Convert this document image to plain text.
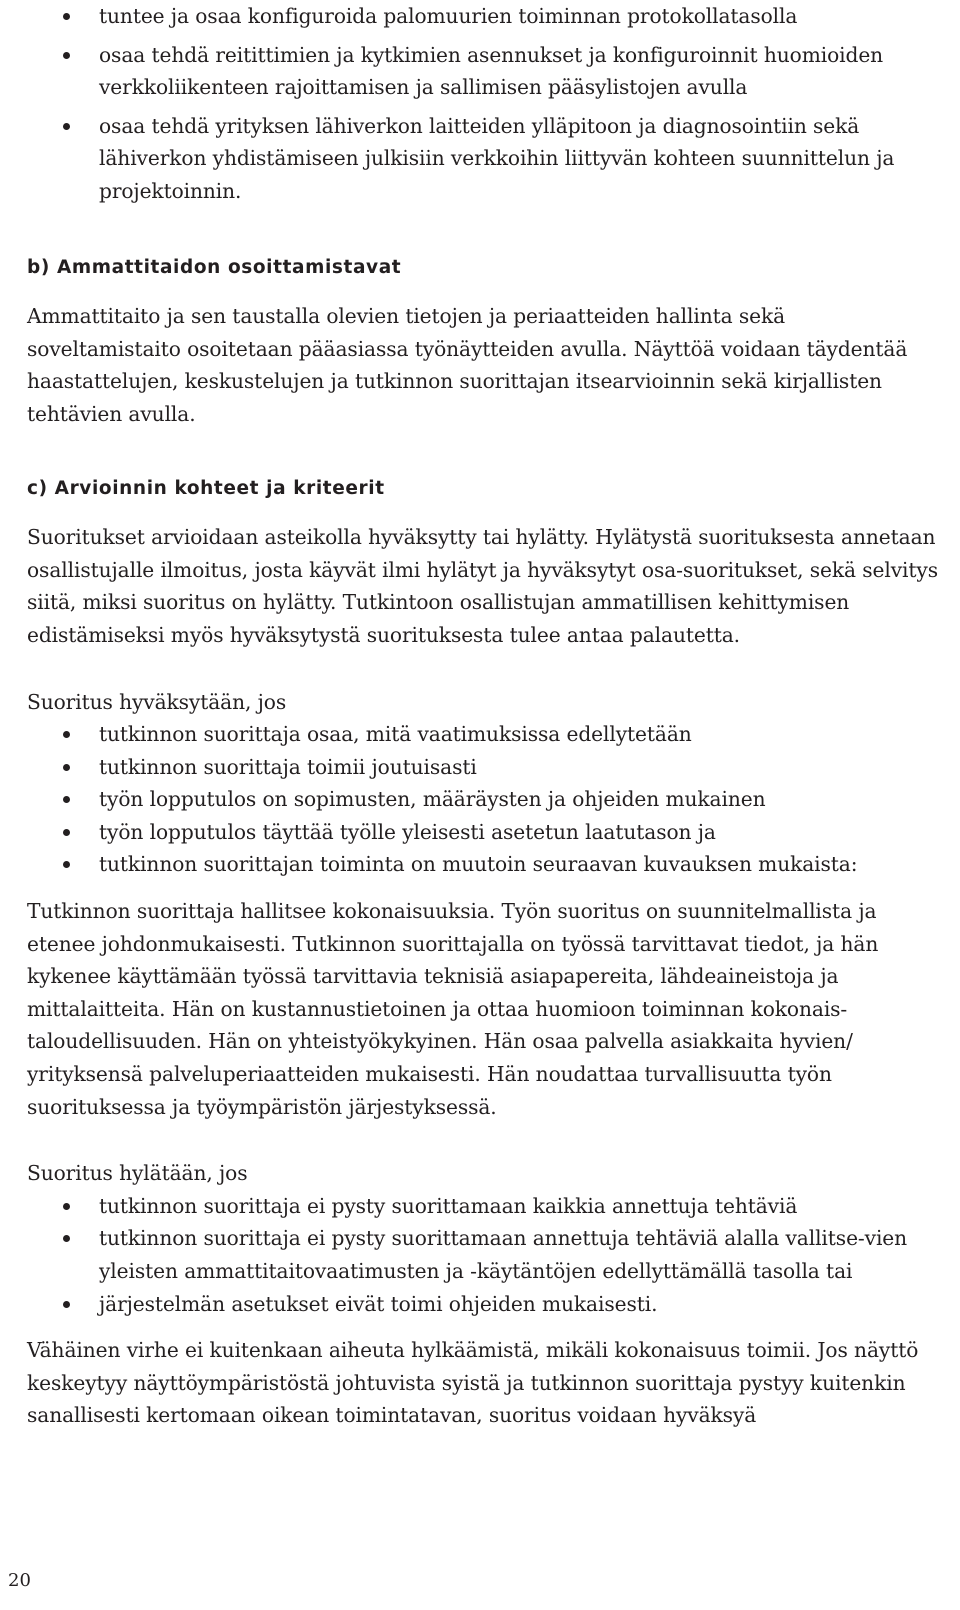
tuntee ja osaa konfiguroida palomuurien toiminnan protokollatasolla
osaa tehdä reitittimien ja kytkimien asennukset ja konfiguroinnit huomioiden verkkoliikenteen rajoittamisen ja sallimisen pääsylistojen avulla
osaa tehdä yrityksen lähiverkon laitteiden ylläpitoon ja diagnosointiin sekä lähiverkon yhdistämiseen julkisiin verkkoihin liittyvän kohteen suunnittelun ja projektoinnin.
b) Ammattitaidon osoittamistavat

Ammattitaito ja sen taustalla olevien tietojen ja periaatteiden hallinta sekä soveltamistaito osoitetaan pääasiassa työnäytteiden avulla. Näyttöä voidaan täydentää haastattelujen, keskustelujen ja tutkinnon suorittajan itsearvioinnin sekä kirjallisten tehtävien avulla.

c) Arvioinnin kohteet ja kriteerit

Suoritukset arvioidaan asteikolla hyväksytty tai hylätty. Hylätystä suorituksesta annetaan osallistujalle ilmoitus, josta käyvät ilmi hylätyt ja hyväksytyt osa-suoritukset, sekä selvitys siitä, miksi suoritus on hylätty. Tutkintoon osallistujan ammatillisen kehittymisen edistämiseksi myös hyväksytystä suorituksesta tulee antaa palautetta.

Suoritus hyväksytään, jos

tutkinnon suorittaja osaa, mitä vaatimuksissa edellytetään
tutkinnon suorittaja toimii joutuisasti
työn lopputulos on sopimusten, määräysten ja ohjeiden mukainen
työn lopputulos täyttää työlle yleisesti asetetun laatutason ja
tutkinnon suorittajan toiminta on muutoin seuraavan kuvauksen mukaista:

Tutkinnon suorittaja hallitsee kokonaisuuksia. Työn suoritus on suunnitelmallista ja etenee johdonmukaisesti. Tutkinnon suorittajalla on työssä tarvittavat tiedot, ja hän kykenee käyttämään työssä tarvittavia teknisiä asiapapereita, lähdeaineistoja ja mittalaitteita. Hän on kustannustietoinen ja ottaa huomioon toiminnan kokonais-taloudellisuuden. Hän on yhteistyökykyinen. Hän osaa palvella asiakkaita hyvien/ yrityksensä palveluperiaatteiden mukaisesti. Hän noudattaa turvallisuutta työn suorituksessa ja työympäristön järjestyksessä.

Suoritus hylätään, jos

tutkinnon suorittaja ei pysty suorittamaan kaikkia annettuja tehtäviä
tutkinnon suorittaja ei pysty suorittamaan annettuja tehtäviä alalla vallitse-vien yleisten ammattitaitovaatimusten ja -käytäntöjen edellyttämällä tasolla tai
järjestelmän asetukset eivät toimi ohjeiden mukaisesti.

Vähäinen virhe ei kuitenkaan aiheuta hylkäämistä, mikäli kokonaisuus toimii. Jos näyttö keskeytyy näyttöympäristöstä johtuvista syistä ja tutkinnon suorittaja pystyy kuitenkin sanallisesti kertomaan oikean toimintatavan, suoritus voidaan hyväksyä

20
